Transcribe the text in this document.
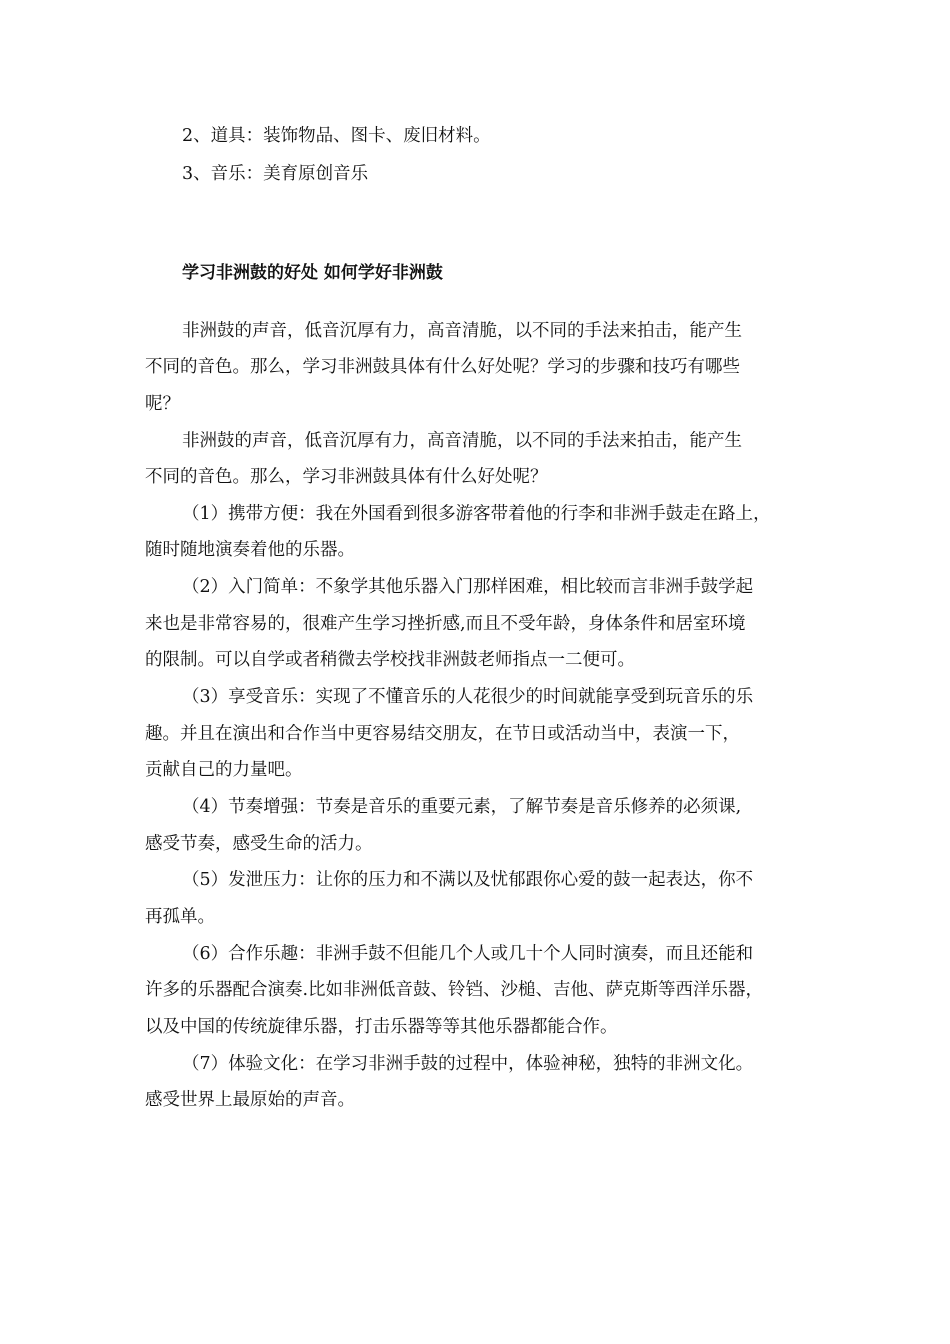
2、道具：装饰物品、图卡、废旧材料。
3、音乐：美育原创音乐
学习非洲鼓的好处 如何学好非洲鼓
非洲鼓的声音，低音沉厚有力，高音清脆，以不同的手法来拍击，能产生
不同的音色。那么，学习非洲鼓具体有什么好处呢？学习的步骤和技巧有哪些
呢？
非洲鼓的声音，低音沉厚有力，高音清脆，以不同的手法来拍击，能产生
不同的音色。那么，学习非洲鼓具体有什么好处呢？
（1）携带方便：我在外国看到很多游客带着他的行李和非洲手鼓走在路上，
随时随地演奏着他的乐器。
（2）入门简单：不象学其他乐器入门那样困难，相比较而言非洲手鼓学起
来也是非常容易的，很难产生学习挫折感,而且不受年龄，身体条件和居室环境
的限制。可以自学或者稍微去学校找非洲鼓老师指点一二便可。
（3）享受音乐：实现了不懂音乐的人花很少的时间就能享受到玩音乐的乐
趣。并且在演出和合作当中更容易结交朋友，在节日或活动当中，表演一下，
贡献自己的力量吧。
（4）节奏增强：节奏是音乐的重要元素，了解节奏是音乐修养的必须课,
感受节奏，感受生命的活力。
（5）发泄压力：让你的压力和不满以及忧郁跟你心爱的鼓一起表达，你不
再孤单。
（6）合作乐趣：非洲手鼓不但能几个人或几十个人同时演奏，而且还能和
许多的乐器配合演奏.比如非洲低音鼓、铃铛、沙槌、吉他、萨克斯等西洋乐器，
以及中国的传统旋律乐器，打击乐器等等其他乐器都能合作。
（7）体验文化：在学习非洲手鼓的过程中，体验神秘，独特的非洲文化。
感受世界上最原始的声音。
